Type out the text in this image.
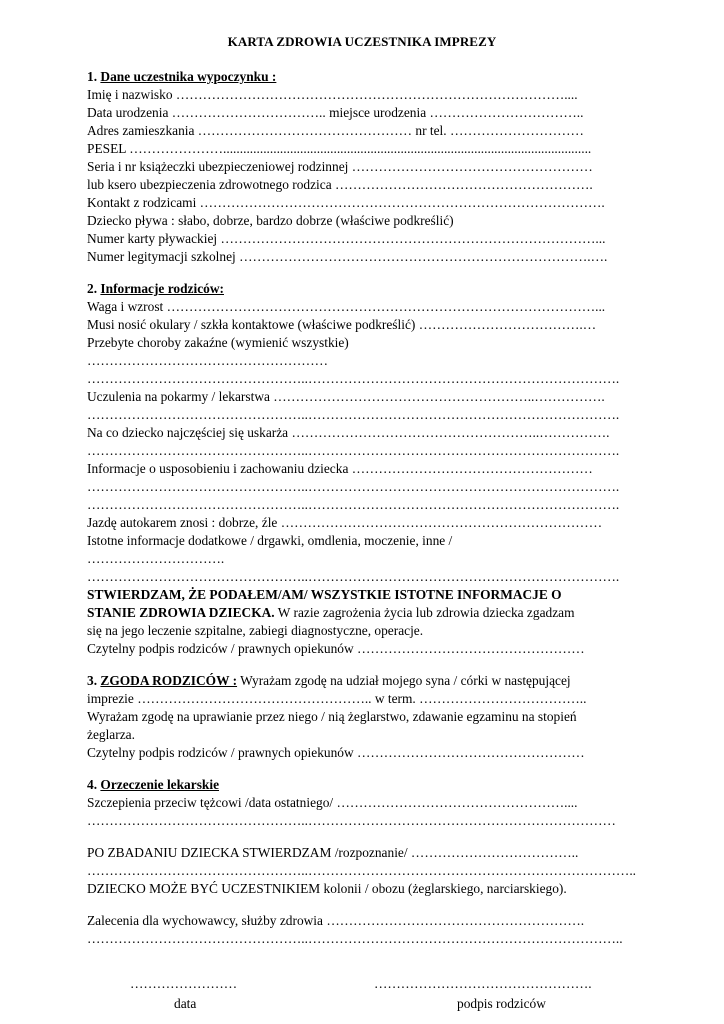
KARTA ZDROWIA UCZESTNIKA IMPREZY
1. Dane uczestnika wypoczynku :
Imię i nazwisko ……………………………………………………………………………....
Data urodzenia …………………………….. miejsce urodzenia ……………………………..
Adres zamieszkania ………………………………………… nr tel. …………………………
PESEL …………………..............................................................................................................
Seria i nr książeczki ubezpieczeniowej rodzinnej ………………………………………………
lub ksero ubezpieczenia zdrowotnego rodzica ………………………………………………….
Kontakt z rodzicami ……………………………………………………………………………….
Dziecko pływa : słabo, dobrze, bardzo dobrze (właściwe podkreślić)
Numer karty pływackiej …………………………………………………………………………...
Numer legitymacji szkolnej …………………………………………………………………….….
2. Informacje rodziców:
Waga i wzrost ……………………………………………………………………………………...
Musi nosić okulary / szkła kontaktowe (właściwe podkreślić) ……………………………….…
Przebyte choroby zakaźne (wymienić wszystkie)
………………………………………………
…………………………………………..…………………………………………………………….
Uczulenia na pokarmy / lekarstwa …………………………………………………..…………….
…………………………………………..…………………………………………………………….
Na co dziecko najczęściej się uskarża ………………………………………………..…………….
…………………………………………..…………………………………………………………….
Informacje o usposobieniu i zachowaniu dziecka ………………………………………………
…………………………………………..…………………………………………………………….
…………………………………………..…………………………………………………………….
Jazdę autokarem znosi : dobrze, źle ………………………………………………………………
Istotne informacje dodatkowe / drgawki, omdlenia, moczenie, inne /
………………………….
…………………………………………..…………………………………………………………….
STWIERDZAM, ŻE PODAŁEM/AM/ WSZYSTKIE ISTOTNE INFORMACJE O
STANIE ZDROWIA DZIECKA. W razie zagrożenia życia lub zdrowia dziecka zgadzam
się na jego leczenie szpitalne, zabiegi diagnostyczne, operacje.
Czytelny podpis rodziców / prawnych opiekunów ……………………………………………
3. ZGODA RODZICÓW : Wyrażam zgodę na udział mojego syna / córki w następującej
imprezie …………………………………………….. w term. ………………………………..
Wyrażam zgodę na uprawianie przez niego / nią żeglarstwo, zdawanie egzaminu na stopień
żeglarza.
Czytelny podpis rodziców / prawnych opiekunów ……………………………………………
4. Orzeczenie lekarskie
Szczepienia przeciw tężcowi /data ostatniego/ ……………………………………………....
…………………………………………..……………………………………………………………
PO ZBADANIU DZIECKA STWIERDZAM /rozpoznanie/ ………………………………..
…………………………………………..………………………………………………………………..
DZIECKO MOŻE BYĆ UCZESTNIKIEM kolonii / obozu (żeglarskiego, narciarskiego).
Zalecenia dla wychowawcy, służby zdrowia ………………………………………………….
…………………………………………..……………………………………………………………..
……………………
data
………………………………………….
podpis rodziców
